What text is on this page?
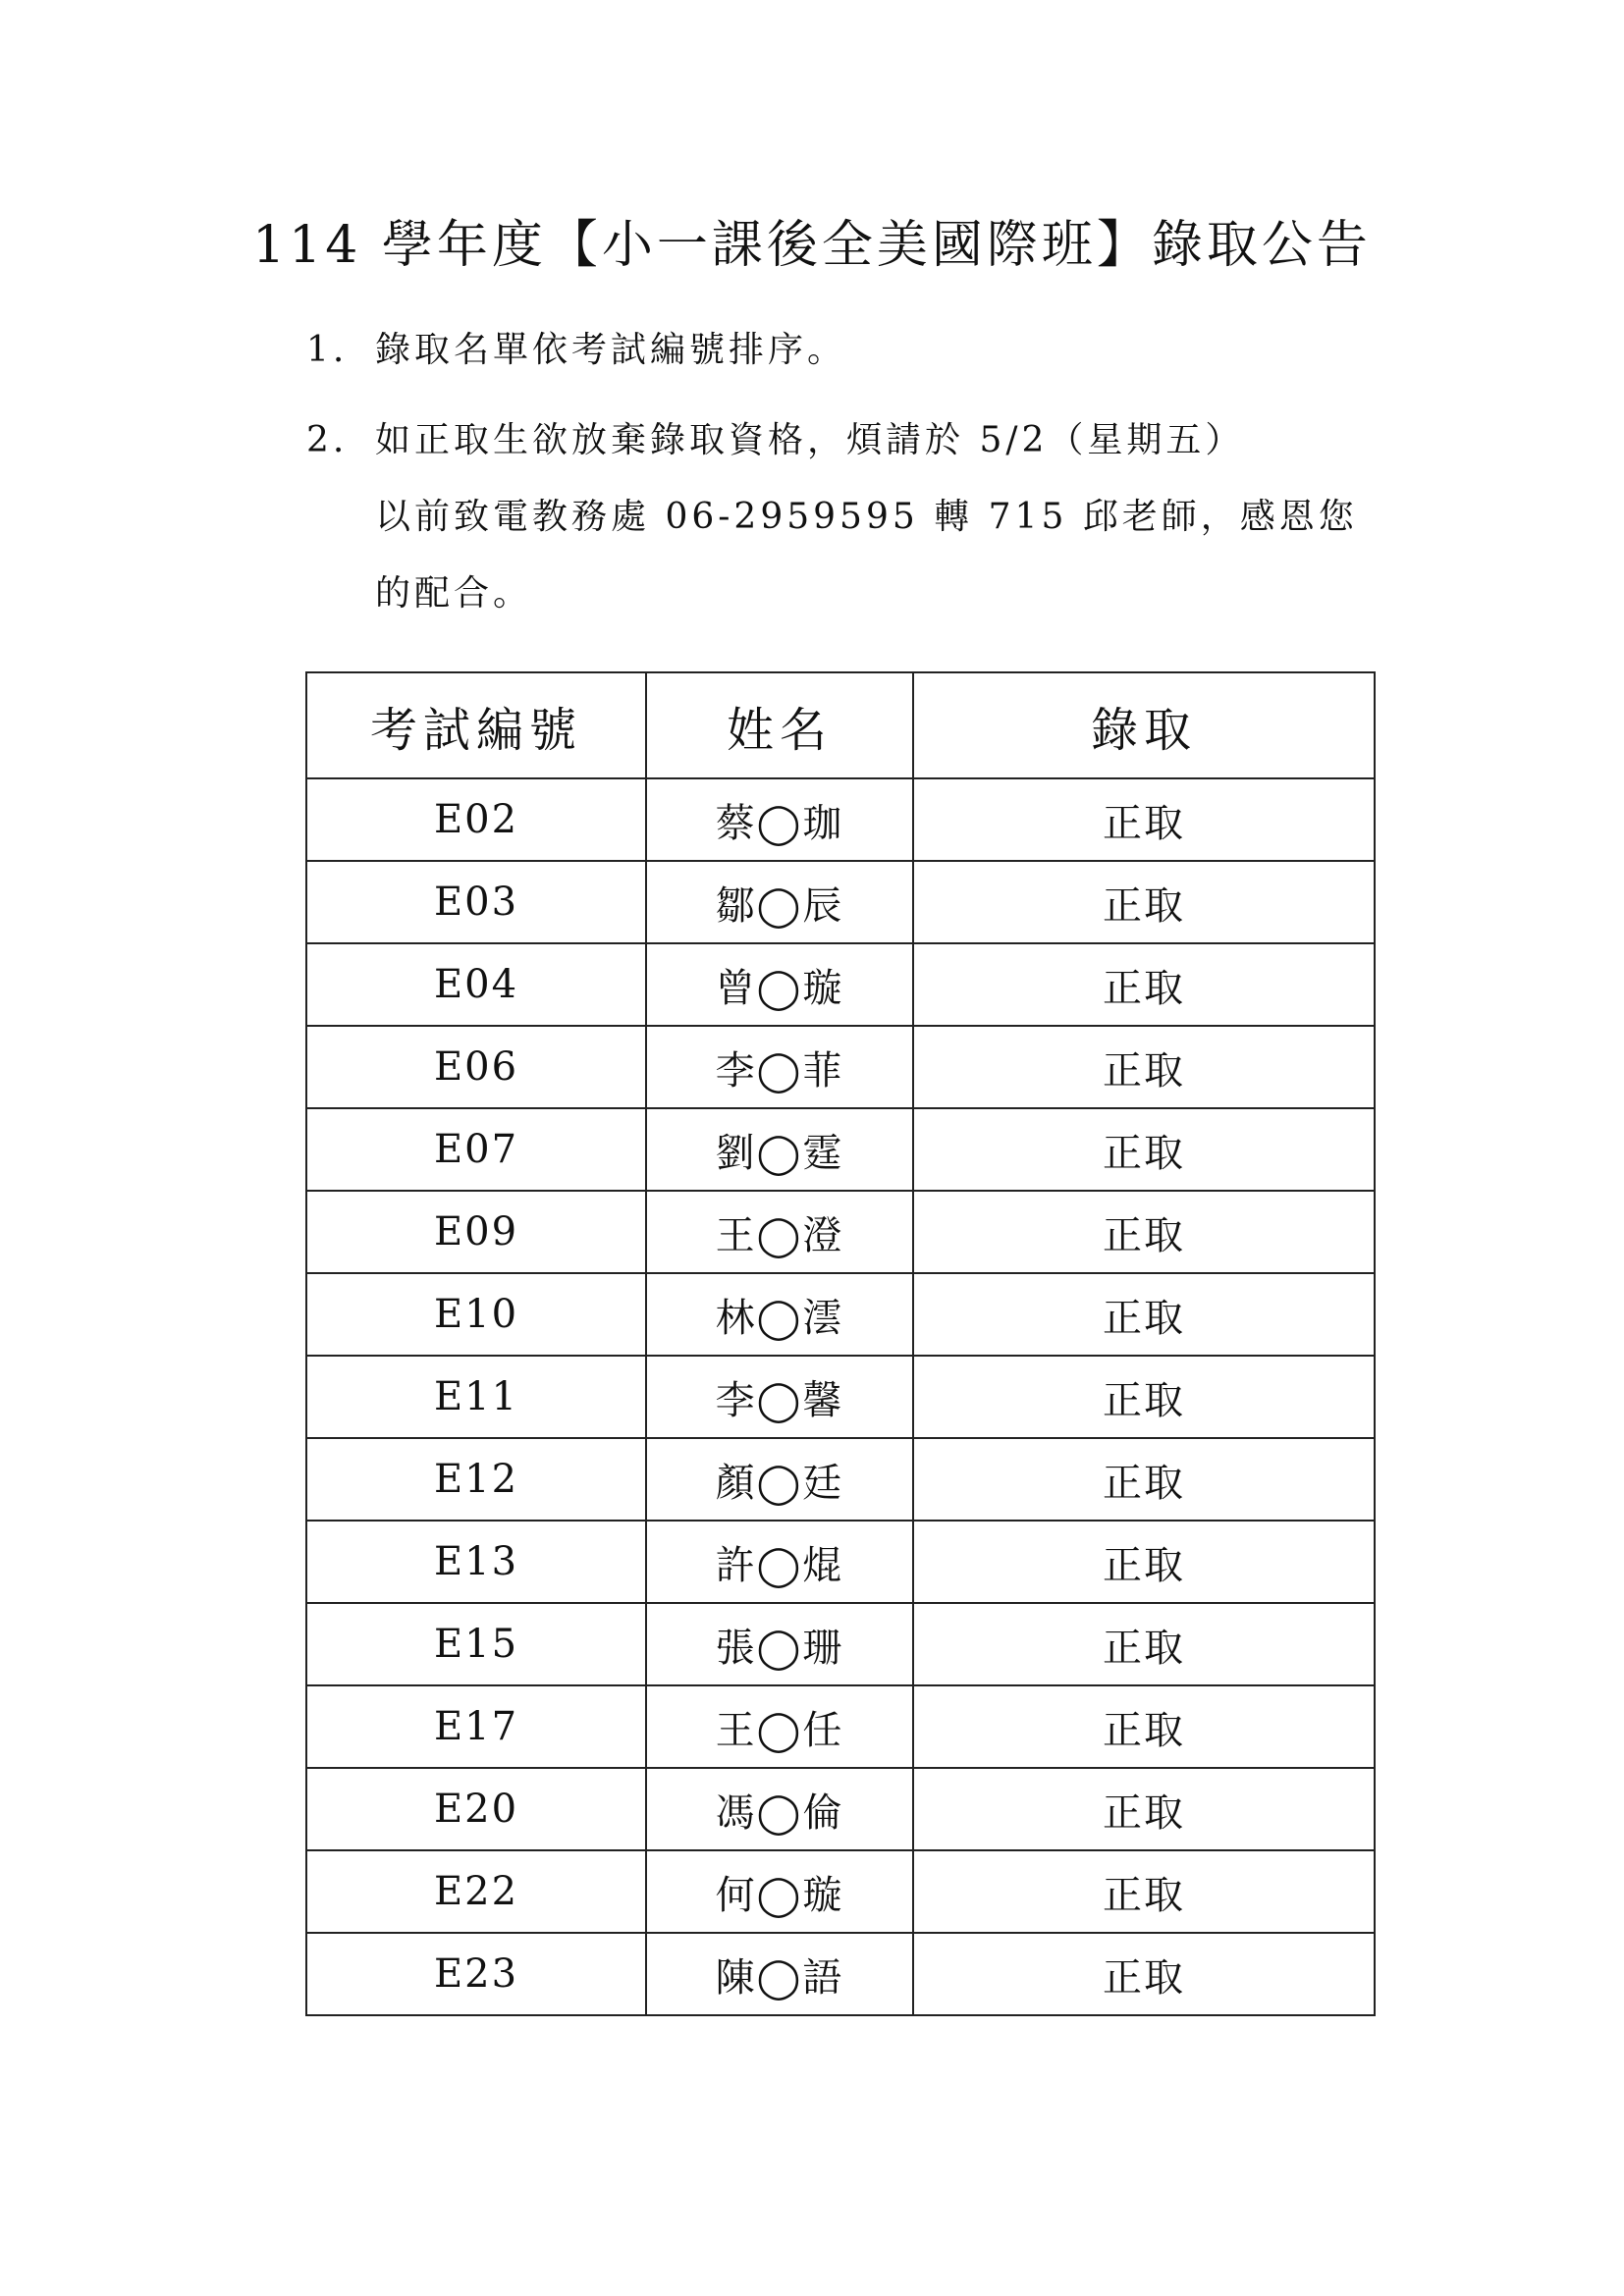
114 學年度【小一課後全美國際班】錄取公告
1. 錄取名單依考試編號排序。
2. 如正取生欲放棄錄取資格，煩請於 5/2（星期五）
以前致電教務處 06-2959595 轉 715 邱老師，感恩您
的配合。
考試編號	姓名	錄取
E02	蔡◯珈	正取
E03	鄒◯辰	正取
E04	曾◯璇	正取
E06	李◯菲	正取
E07	劉◯霆	正取
E09	王◯澄	正取
E10	林◯澐	正取
E11	李◯馨	正取
E12	顏◯廷	正取
E13	許◯焜	正取
E15	張◯珊	正取
E17	王◯任	正取
E20	馮◯倫	正取
E22	何◯璇	正取
E23	陳◯語	正取
